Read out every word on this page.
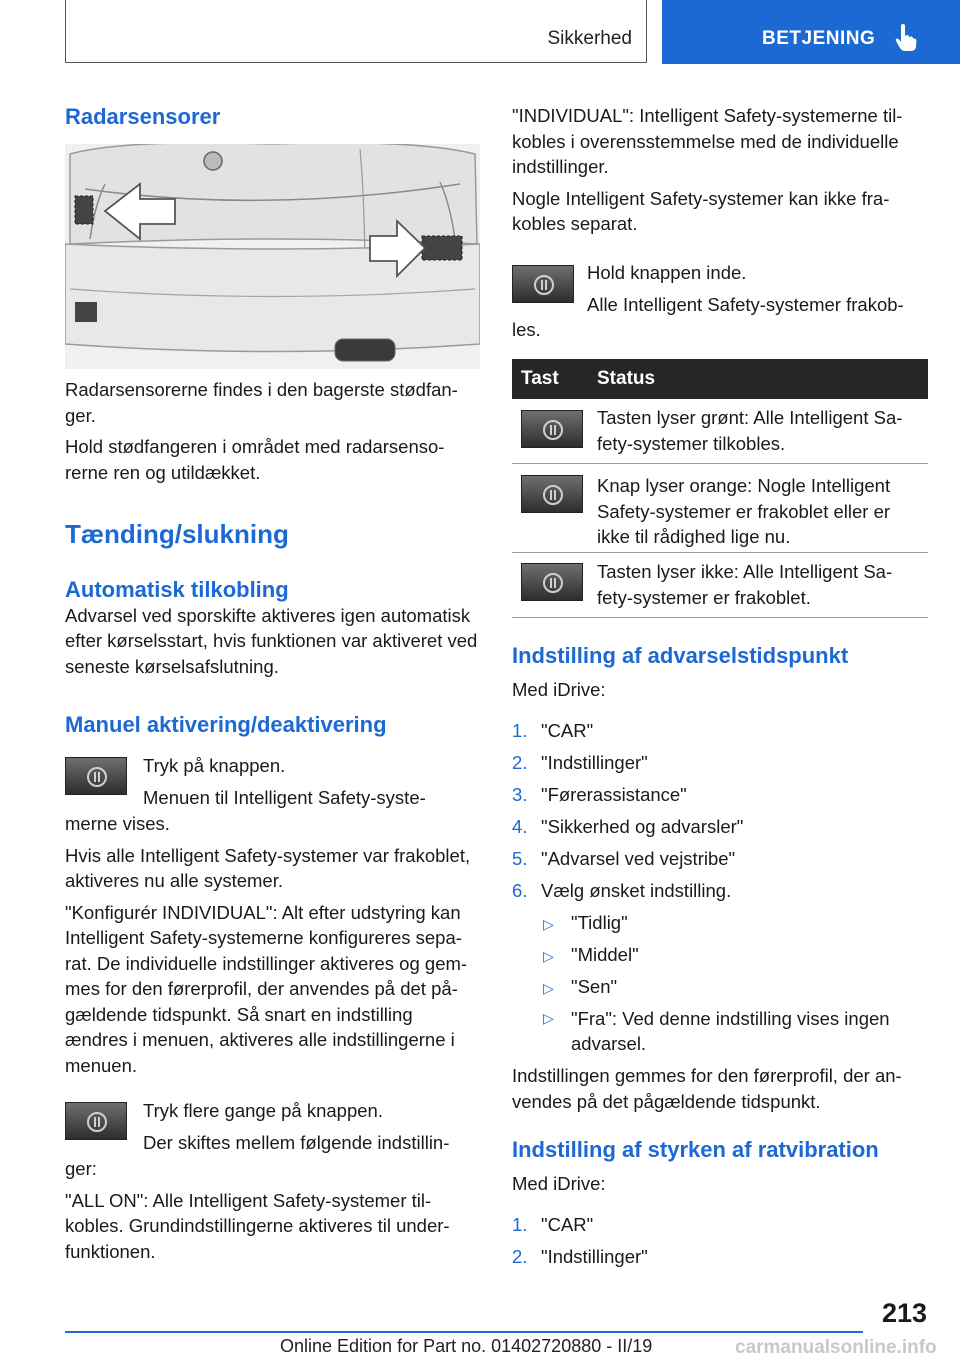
Sikkerhed	BETJENING
Radarsensorer

Radarsensorerne findes i den bagerste stødfan-ger.

Hold stødfangeren i området med radarsenso-rerne ren og utildækket.

Tænding/slukning
Automatisk tilkobling

Advarsel ved sporskifte aktiveres igen automatisk efter kørselsstart, hvis funktionen var aktiveret ved seneste kørselsafslutning.

Manuel aktivering/deaktivering

Tryk på knappen.

Menuen til Intelligent Safety-syste-

merne vises.

Hvis alle Intelligent Safety-systemer var frakoblet, aktiveres nu alle systemer.

"Konfigurér INDIVIDUAL": Alt efter udstyring kan Intelligent Safety-systemerne konfigureres sepa-rat. De individuelle indstillinger aktiveres og gem-mes for den førerprofil, der anvendes på det på-gældende tidspunkt. Så snart en indstilling ændres i menuen, aktiveres alle indstillingerne i menuen.

Tryk flere gange på knappen.

Der skiftes mellem følgende indstillin-

ger:

"ALL ON": Alle Intelligent Safety-systemer til-kobles. Grundindstillingerne aktiveres til under-funktionen.

"INDIVIDUAL": Intelligent Safety-systemerne til-kobles i overensstemmelse med de individuelle indstillinger.

Nogle Intelligent Safety-systemer kan ikke fra-kobles separat.

Hold knappen inde.

Alle Intelligent Safety-systemer frakob-

les.

Tast Status
Tasten lyser grønt: Alle Intelligent Sa-fety-systemer tilkobles.
Knap lyser orange: Nogle Intelligent Safety-systemer er frakoblet eller er ikke til rådighed lige nu.
Tasten lyser ikke: Alle Intelligent Sa-fety-systemer er frakoblet.
Indstilling af advarselstidspunkt

Med iDrive:

1. "CAR"
2. "Indstillinger"
3. "Førerassistance"
4. "Sikkerhed og advarsler"
5. "Advarsel ved vejstribe"
6. Vælg ønsket indstilling.
▷ "Tidlig"
▷ "Middel"
▷ "Sen"
▷ "Fra": Ved denne indstilling vises ingen advarsel.

Indstillingen gemmes for den førerprofil, der an-vendes på det pågældende tidspunkt.

Indstilling af styrken af ratvibration

Med iDrive:

1. "CAR"
2. "Indstillinger"
213
Online Edition for Part no. 01402720880 - II/19	carmanualsonline.info
